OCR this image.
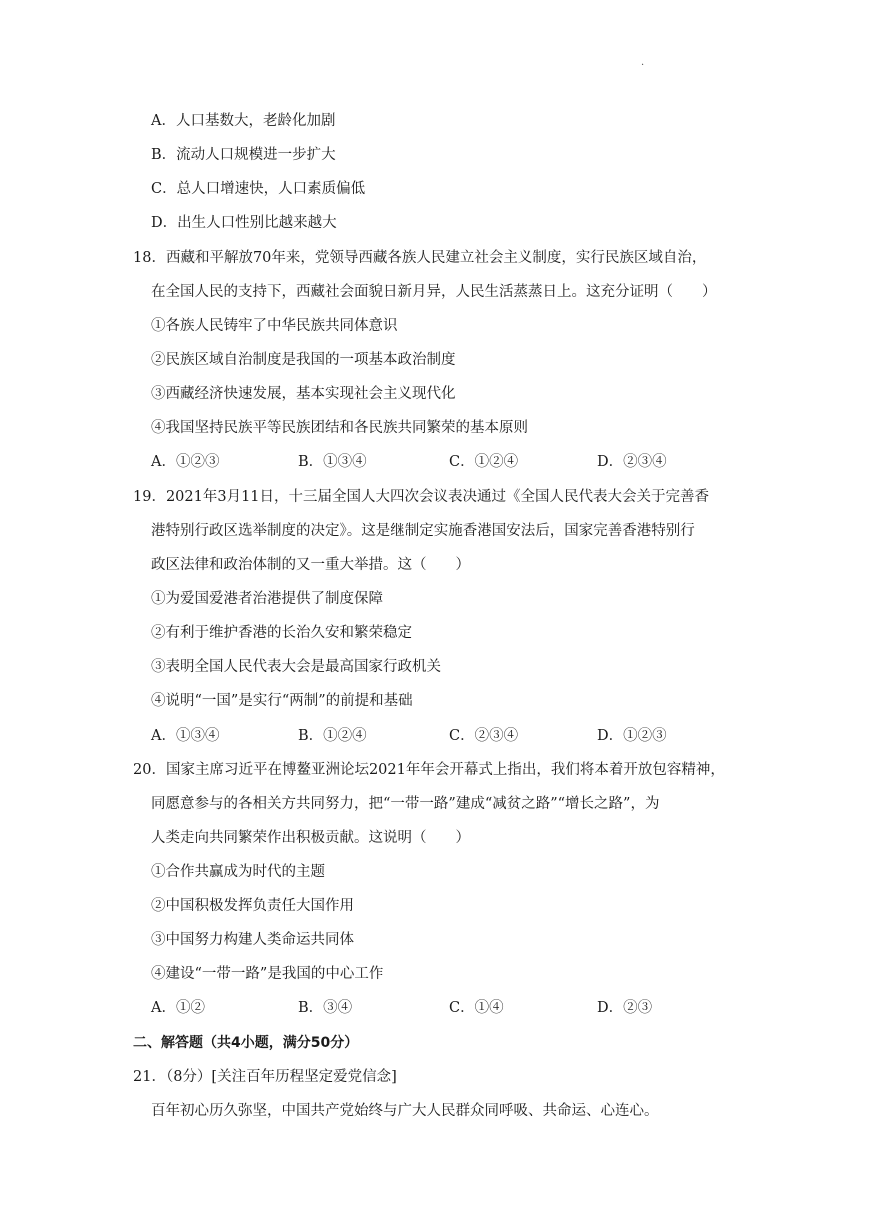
·
A．人口基数大，老龄化加剧
B．流动人口规模进一步扩大
C．总人口增速快，人口素质偏低
D．出生人口性别比越来越大
18．西藏和平解放70年来，党领导西藏各族人民建立社会主义制度，实行民族区域自治，
在全国人民的支持下，西藏社会面貌日新月异，人民生活蒸蒸日上。这充分证明（　　）
①各族人民铸牢了中华民族共同体意识
②民族区域自治制度是我国的一项基本政治制度
③西藏经济快速发展，基本实现社会主义现代化
④我国坚持民族平等民族团结和各民族共同繁荣的基本原则
A．①②③	B．①③④	C．①②④	D．②③④
19．2021年3月11日，十三届全国人大四次会议表决通过《全国人民代表大会关于完善香
港特别行政区选举制度的决定》。这是继制定实施香港国安法后，国家完善香港特别行
政区法律和政治体制的又一重大举措。这（　　）
①为爱国爱港者治港提供了制度保障
②有利于维护香港的长治久安和繁荣稳定
③表明全国人民代表大会是最高国家行政机关
④说明“一国”是实行“两制”的前提和基础
A．①③④	B．①②④	C．②③④	D．①②③
20．国家主席习近平在博鳌亚洲论坛2021年年会开幕式上指出，我们将本着开放包容精神，
同愿意参与的各相关方共同努力，把“一带一路”建成“减贫之路”“增长之路”，为
人类走向共同繁荣作出积极贡献。这说明（　　）
①合作共赢成为时代的主题
②中国积极发挥负责任大国作用
③中国努力构建人类命运共同体
④建设“一带一路”是我国的中心工作
A．①②	B．③④	C．①④	D．②③
二、解答题（共4小题，满分50分）
21．（8分）[关注百年历程坚定爱党信念]
百年初心历久弥坚，中国共产党始终与广大人民群众同呼吸、共命运、心连心。
